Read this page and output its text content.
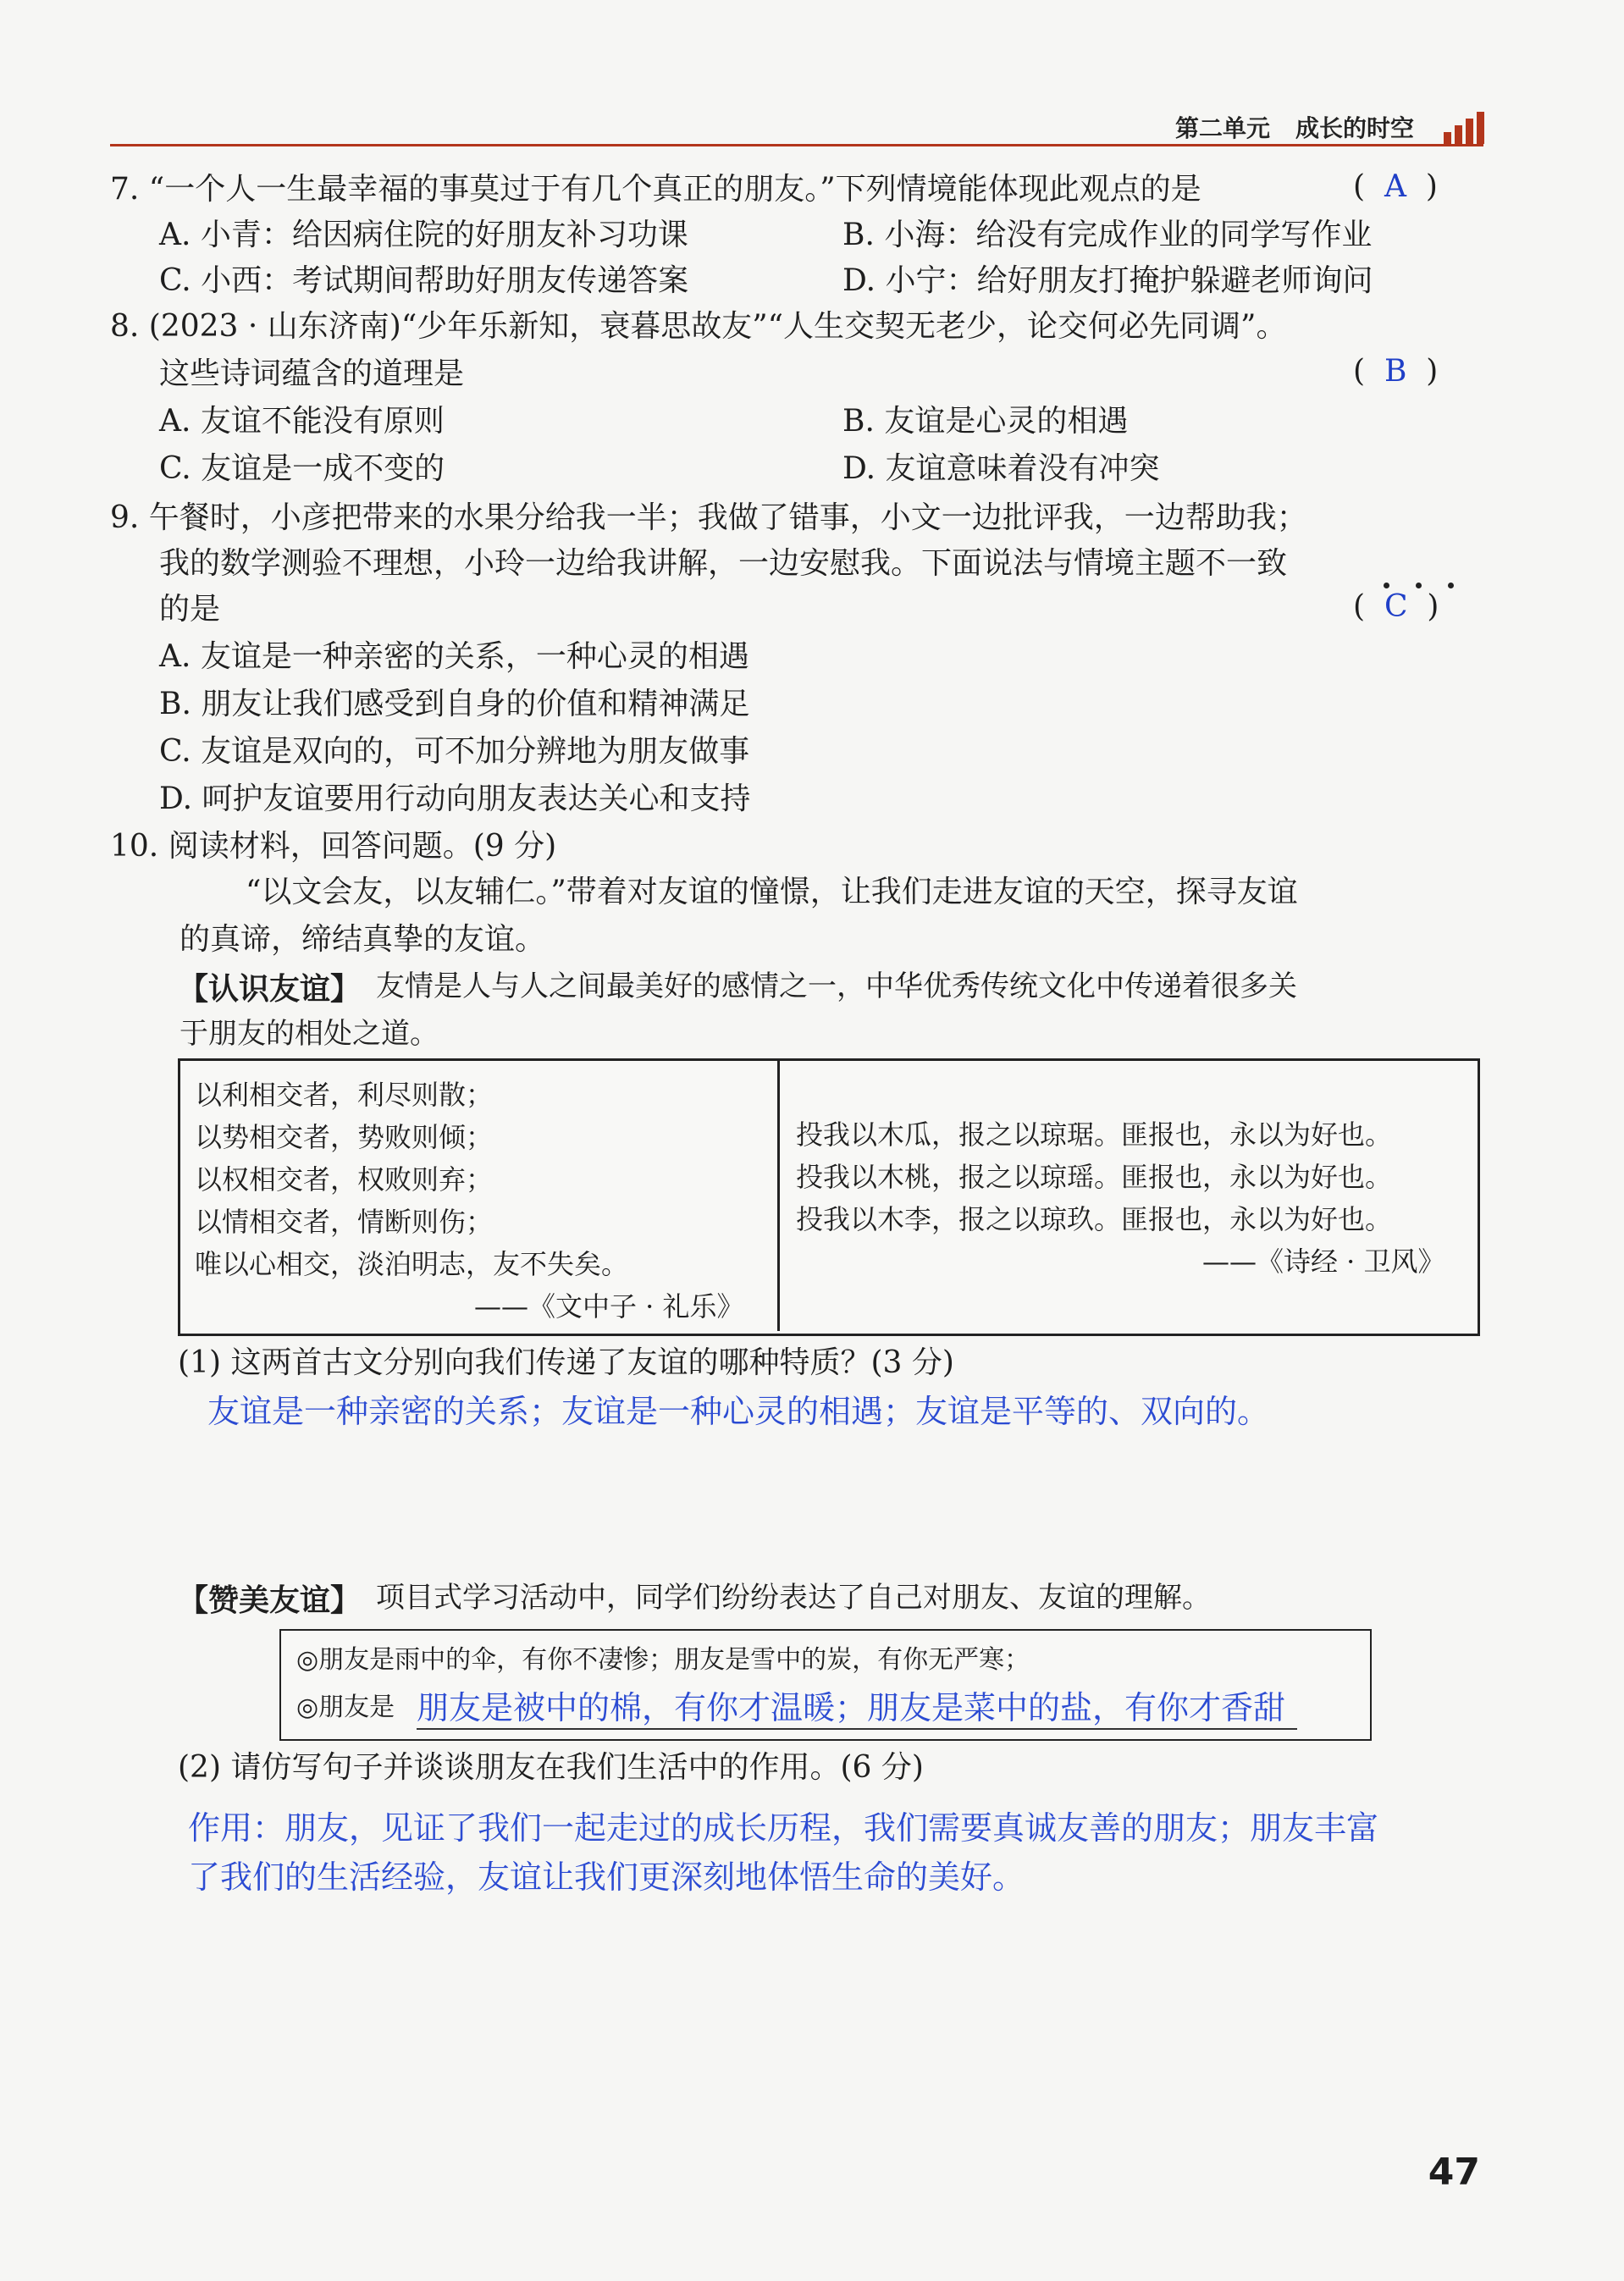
第二单元 成长的时空
7. “一个人一生最幸福的事莫过于有几个真正的朋友。”下列情境能体现此观点的是	(  A  )
A. 小青：给因病住院的好朋友补习功课	B. 小海：给没有完成作业的同学写作业
C. 小西：考试期间帮助好朋友传递答案	D. 小宁：给好朋友打掩护躲避老师询问
8. (2023 · 山东济南)“少年乐新知，衰暮思故友”“人生交契无老少，论交何必先同调”。
这些诗词蕴含的道理是	(  B  )
A. 友谊不能没有原则	B. 友谊是心灵的相遇
C. 友谊是一成不变的	D. 友谊意味着没有冲突
9. 午餐时，小彦把带来的水果分给我一半；我做了错事，小文一边批评我，一边帮助我；
我的数学测验不理想，小玲一边给我讲解，一边安慰我。下面说法与情境主题不一致
的是	(  C  )
A. 友谊是一种亲密的关系，一种心灵的相遇
B. 朋友让我们感受到自身的价值和精神满足
C. 友谊是双向的，可不加分辨地为朋友做事
D. 呵护友谊要用行动向朋友表达关心和支持
10. 阅读材料，回答问题。(9 分)
“以文会友，以友辅仁。”带着对友谊的憧憬，让我们走进友谊的天空，探寻友谊
的真谛，缔结真挚的友谊。
【认识友谊】 友情是人与人之间最美好的感情之一，中华优秀传统文化中传递着很多关
于朋友的相处之道。
以利相交者，利尽则散；
以势相交者，势败则倾；
以权相交者，权败则弃；
以情相交者，情断则伤；
唯以心相交，淡泊明志，友不失矣。
——《文中子 · 礼乐》
投我以木瓜，报之以琼琚。匪报也，永以为好也。
投我以木桃，报之以琼瑶。匪报也，永以为好也。
投我以木李，报之以琼玖。匪报也，永以为好也。
——《诗经 · 卫风》
(1) 这两首古文分别向我们传递了友谊的哪种特质？(3 分)
友谊是一种亲密的关系；友谊是一种心灵的相遇；友谊是平等的、双向的。
【赞美友谊】 项目式学习活动中，同学们纷纷表达了自己对朋友、友谊的理解。
◎朋友是雨中的伞，有你不凄惨；朋友是雪中的炭，有你无严寒；
◎朋友是 朋友是被中的棉，有你才温暖；朋友是菜中的盐，有你才香甜
(2) 请仿写句子并谈谈朋友在我们生活中的作用。(6 分)
作用：朋友，见证了我们一起走过的成长历程，我们需要真诚友善的朋友；朋友丰富
了我们的生活经验，友谊让我们更深刻地体悟生命的美好。
47
